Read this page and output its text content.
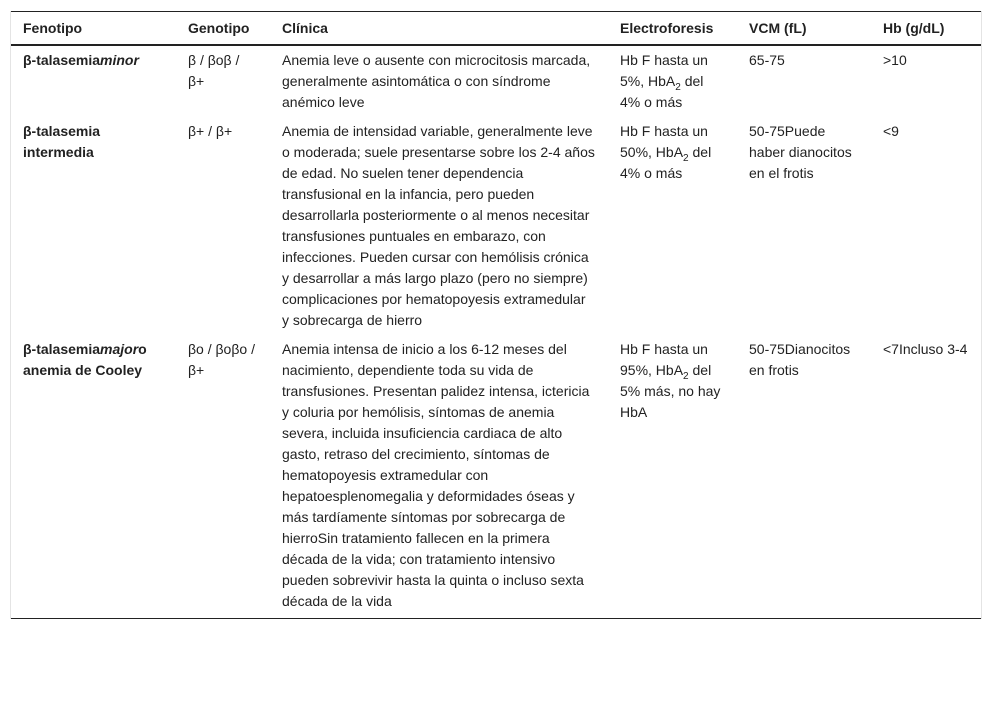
Fenotipo	Genotipo	Clínica	Electroforesis	VCM (fL)	Hb (g/dL)
β-talasemiaminor	β / βoβ / β+	Anemia leve o ausente con microcitosis marcada, generalmente asintomática o con síndrome anémico leve	Hb F hasta un 5%, HbA$_2$ del 4% o más	65-75	>10
β-talasemia intermedia	β+ / β+	Anemia de intensidad variable, generalmente leve o moderada; suele presentarse sobre los 2-4 años de edad. No suelen tener dependencia transfusional en la infancia, pero pueden desarrollarla posteriormente o al menos necesitar transfusiones puntuales en embarazo, con infecciones. Pueden cursar con hemólisis crónica y desarrollar a más largo plazo (pero no siempre) complicaciones por hematopoyesis extramedular y sobrecarga de hierro	Hb F hasta un 50%, HbA$_2$ del 4% o más	50-75Puede haber dianocitos en el frotis	<9
β-talasemiamajoro anemia de Cooley	βo / βoβo / β+	Anemia intensa de inicio a los 6-12 meses del nacimiento, dependiente toda su vida de transfusiones. Presentan palidez intensa, ictericia y coluria por hemólisis, síntomas de anemia severa, incluida insuficiencia cardiaca de alto gasto, retraso del crecimiento, síntomas de hematopoyesis extramedular con hepatoesplenomegalia y deformidades óseas y más tardíamente síntomas por sobrecarga de hierroSin tratamiento fallecen en la primera década de la vida; con tratamiento intensivo pueden sobrevivir hasta la quinta o incluso sexta década de la vida	Hb F hasta un 95%, HbA$_2$ del 5% más, no hay HbA	50-75Dianocitos en frotis	<7Incluso 3-4
